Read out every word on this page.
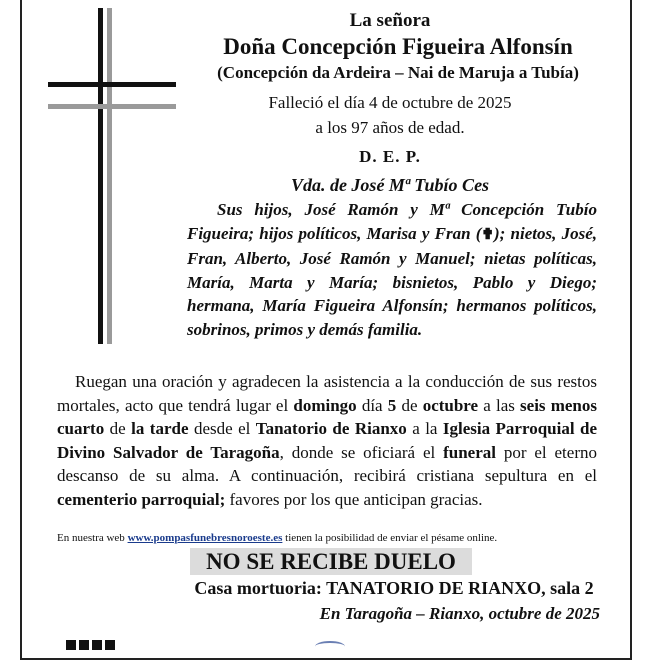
La señora
Doña Concepción Figueira Alfonsín
(Concepción da Ardeira – Nai de Maruja a Tubía)
Falleció el día 4 de octubre de 2025
a los 97 años de edad.
D. E. P.
Vda. de José Mª Tubío Ces
Sus hijos, José Ramón y Mª Concepción Tubío Figueira; hijos políticos, Marisa y Fran (✟); nietos, José, Fran, Alberto, José Ramón y Manuel; nietas políticas, María, Marta y María; bisnietos, Pablo y Diego; hermana, María Figueira Alfonsín; hermanos políticos, sobrinos, primos y demás familia.
Ruegan una oración y agradecen la asistencia a la conducción de sus restos mortales, acto que tendrá lugar el domingo día 5 de octubre a las seis menos cuarto de la tarde desde el Tanatorio de Rianxo a la Iglesia Parroquial de Divino Salvador de Taragoña, donde se oficiará el funeral por el eterno descanso de su alma. A continuación, recibirá cristiana sepultura en el cementerio parroquial; favores por los que anticipan gracias.
En nuestra web www.pompasfunebresnoroeste.es tienen la posibilidad de enviar el pésame online.
NO SE RECIBE DUELO
Casa mortuoria: TANATORIO DE RIANXO, sala 2
En Taragoña – Rianxo, octubre de 2025
